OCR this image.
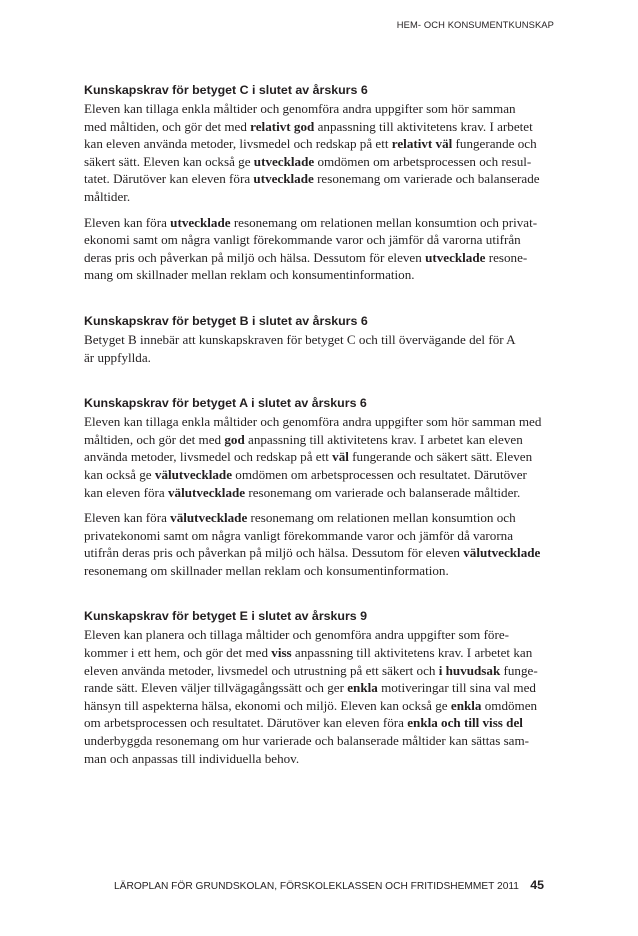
HEM- OCH KONSUMENTKUNSKAP
Kunskapskrav för betyget C i slutet av årskurs 6

Eleven kan tillaga enkla måltider och genomföra andra uppgifter som hör samman
med måltiden, och gör det med relativt god anpassning till aktivitetens krav. I arbetet
kan eleven använda metoder, livsmedel och redskap på ett relativt väl fungerande och
säkert sätt. Eleven kan också ge utvecklade omdömen om arbetsprocessen och resul-
tatet. Därutöver kan eleven föra utvecklade resonemang om varierade och balanserade
måltider.

Eleven kan föra utvecklade resonemang om relationen mellan konsumtion och privat-
ekonomi samt om några vanligt förekommande varor och jämför då varorna utifrån
deras pris och påverkan på miljö och hälsa. Dessutom för eleven utvecklade resone-
mang om skillnader mellan reklam och konsumentinformation.

Kunskapskrav för betyget B i slutet av årskurs 6

Betyget B innebär att kunskapskraven för betyget C och till övervägande del för A
är uppfyllda.

Kunskapskrav för betyget A i slutet av årskurs 6

Eleven kan tillaga enkla måltider och genomföra andra uppgifter som hör samman med
måltiden, och gör det med god anpassning till aktivitetens krav. I arbetet kan eleven
använda metoder, livsmedel och redskap på ett väl fungerande och säkert sätt. Eleven
kan också ge välutvecklade omdömen om arbetsprocessen och resultatet. Därutöver
kan eleven föra välutvecklade resonemang om varierade och balanserade måltider.

Eleven kan föra välutvecklade resonemang om relationen mellan konsumtion och
privatekonomi samt om några vanligt förekommande varor och jämför då varorna
utifrån deras pris och påverkan på miljö och hälsa. Dessutom för eleven välutvecklade
resonemang om skillnader mellan reklam och konsumentinformation.

Kunskapskrav för betyget E i slutet av årskurs 9

Eleven kan planera och tillaga måltider och genomföra andra uppgifter som före-
kommer i ett hem, och gör det med viss anpassning till aktivitetens krav. I arbetet kan
eleven använda metoder, livsmedel och utrustning på ett säkert och i huvudsak funge-
rande sätt. Eleven väljer tillvägagångssätt och ger enkla motiveringar till sina val med
hänsyn till aspekterna hälsa, ekonomi och miljö. Eleven kan också ge enkla omdömen
om arbetsprocessen och resultatet. Därutöver kan eleven föra enkla och till viss del
underbyggda resonemang om hur varierade och balanserade måltider kan sättas sam-
man och anpassas till individuella behov.

LÄROPLAN FÖR GRUNDSKOLAN, FÖRSKOLEKLASSEN OCH FRITIDSHEMMET 2011 45
